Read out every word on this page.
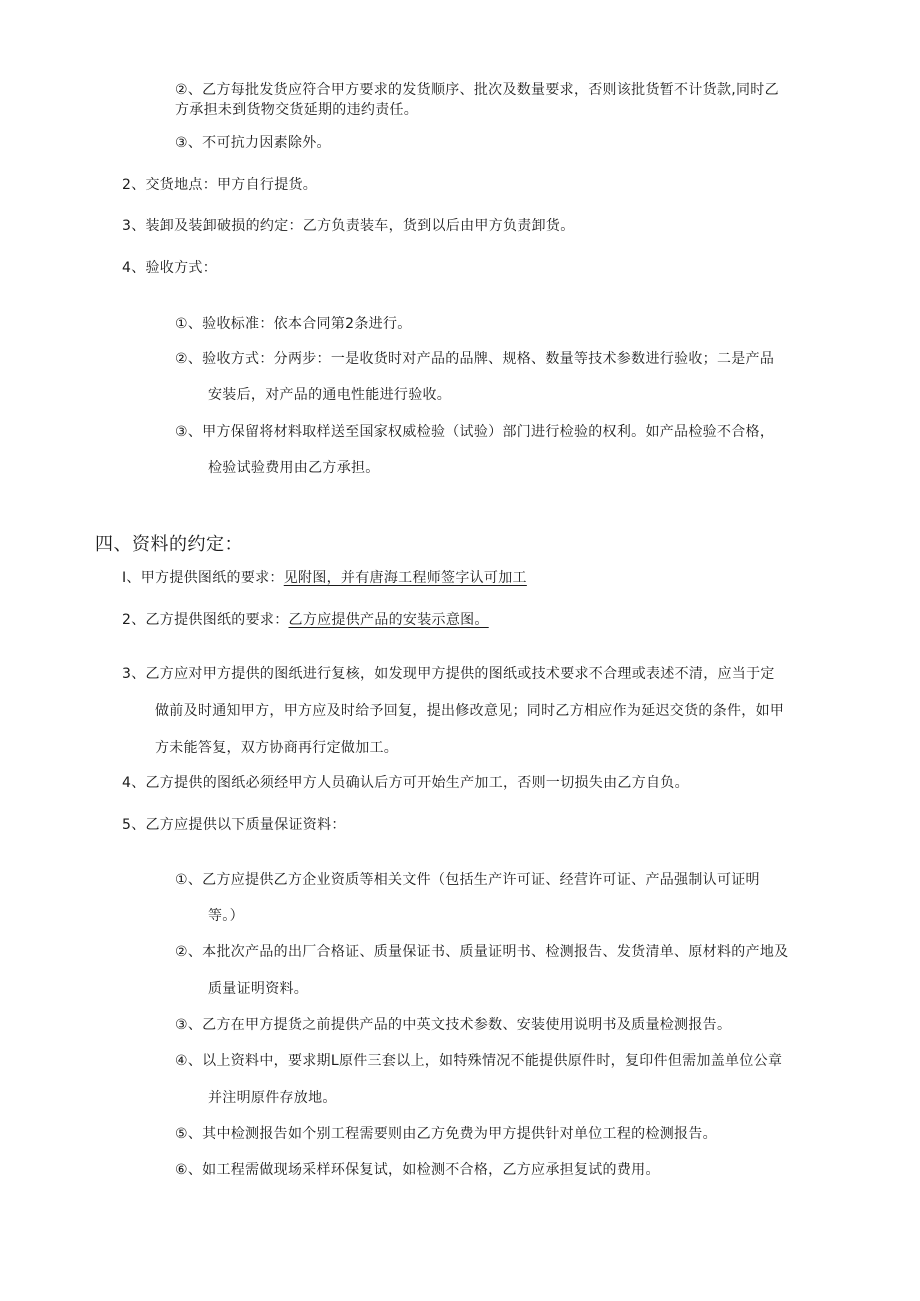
②、乙方每批发货应符合甲方要求的发货顺序、批次及数量要求，否则该批货暂不计货款,同时乙
方承担未到货物交货延期的违约责任。
③、不可抗力因素除外。
2、交货地点：甲方自行提货。
3、装卸及装卸破损的约定：乙方负责装车，货到以后由甲方负责卸货。
4、验收方式：
①、验收标准：依本合同第2条进行。
②、验收方式：分两步：一是收货时对产品的品牌、规格、数量等技术参数进行验收；二是产品
安装后，对产品的通电性能进行验收。
③、甲方保留将材料取样送至国家权威检验（试验）部门进行检验的权利。如产品检验不合格，
检验试验费用由乙方承担。
四、资料的约定：
I、甲方提供图纸的要求：见附图，并有唐海工程师签字认可加工
2、乙方提供图纸的要求：乙方应提供产品的安装示意图。
3、乙方应对甲方提供的图纸进行复核，如发现甲方提供的图纸或技术要求不合理或表述不清，应当于定
做前及时通知甲方，甲方应及时给予回复，提出修改意见；同时乙方相应作为延迟交货的条件，如甲
方未能答复，双方协商再行定做加工。
4、乙方提供的图纸必须经甲方人员确认后方可开始生产加工，否则一切损失由乙方自负。
5、乙方应提供以下质量保证资料：
①、乙方应提供乙方企业资质等相关文件（包括生产许可证、经营许可证、产品强制认可证明
等。）
②、本批次产品的出厂合格证、质量保证书、质量证明书、检测报告、发货清单、原材料的产地及
质量证明资料。
③、乙方在甲方提货之前提供产品的中英文技术参数、安装使用说明书及质量检测报告。
④、以上资料中，要求期L原件三套以上，如特殊情况不能提供原件时，复印件但需加盖单位公章
并注明原件存放地。
⑤、其中检测报告如个别工程需要则由乙方免费为甲方提供针对单位工程的检测报告。
⑥、如工程需做现场采样环保复试，如检测不合格，乙方应承担复试的费用。
